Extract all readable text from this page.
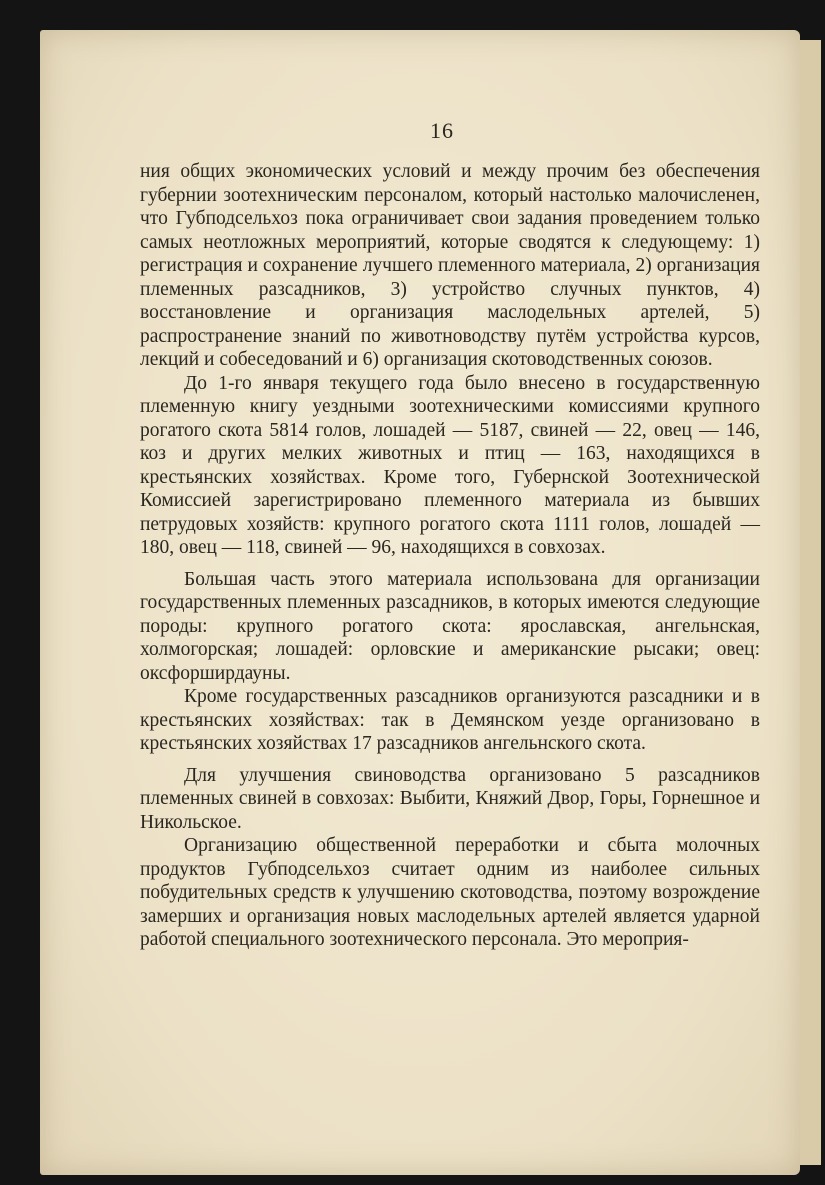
16

ния общих экономических условий и между прочим без обеспечения губернии зоотехническим персоналом, который настолько малочисленен, что Губподсельхоз пока ограничивает свои задания проведением только самых неотложных мероприятий, которые сводятся к следующему: 1) регистрация и сохранение лучшего племенного материала, 2) организация племенных разсадников, 3) устройство случных пунктов, 4) восстановление и организация маслодельных артелей, 5) распространение знаний по животноводству путём устройства курсов, лекций и собеседований и 6) организация скотоводственных союзов.

До 1-го января текущего года было внесено в государственную племенную книгу уездными зоотехническими комиссиями крупного рогатого скота 5814 голов, лошадей — 5187, свиней — 22, овец — 146, коз и других мелких животных и птиц — 163, находящихся в крестьянских хозяйствах. Кроме того, Губернской Зоотехнической Комиссией зарегистрировано племенного материала из бывших петрудовых хозяйств: крупного рогатого скота 1111 голов, лошадей — 180, овец — 118, свиней — 96, находящихся в совхозах.

Большая часть этого материала использована для организации государственных племенных разсадников, в которых имеются следующие породы: крупного рогатого скота: ярославская, ангельнская, холмогорская; лошадей: орловские и американские рысаки; овец: оксфорширдауны.

Кроме государственных разсадников организуются разсадники и в крестьянских хозяйствах: так в Демянском уезде организовано в крестьянских хозяйствах 17 разсадников ангельнского скота.

Для улучшения свиноводства организовано 5 разсадников племенных свиней в совхозах: Выбити, Княжий Двор, Горы, Горнешное и Никольское.

Организацию общественной переработки и сбыта молочных продуктов Губподсельхоз считает одним из наиболее сильных побудительных средств к улучшению скотоводства, поэтому возрождение замерших и организация новых маслодельных артелей является ударной работой специального зоотехнического персонала. Это мероприя-
